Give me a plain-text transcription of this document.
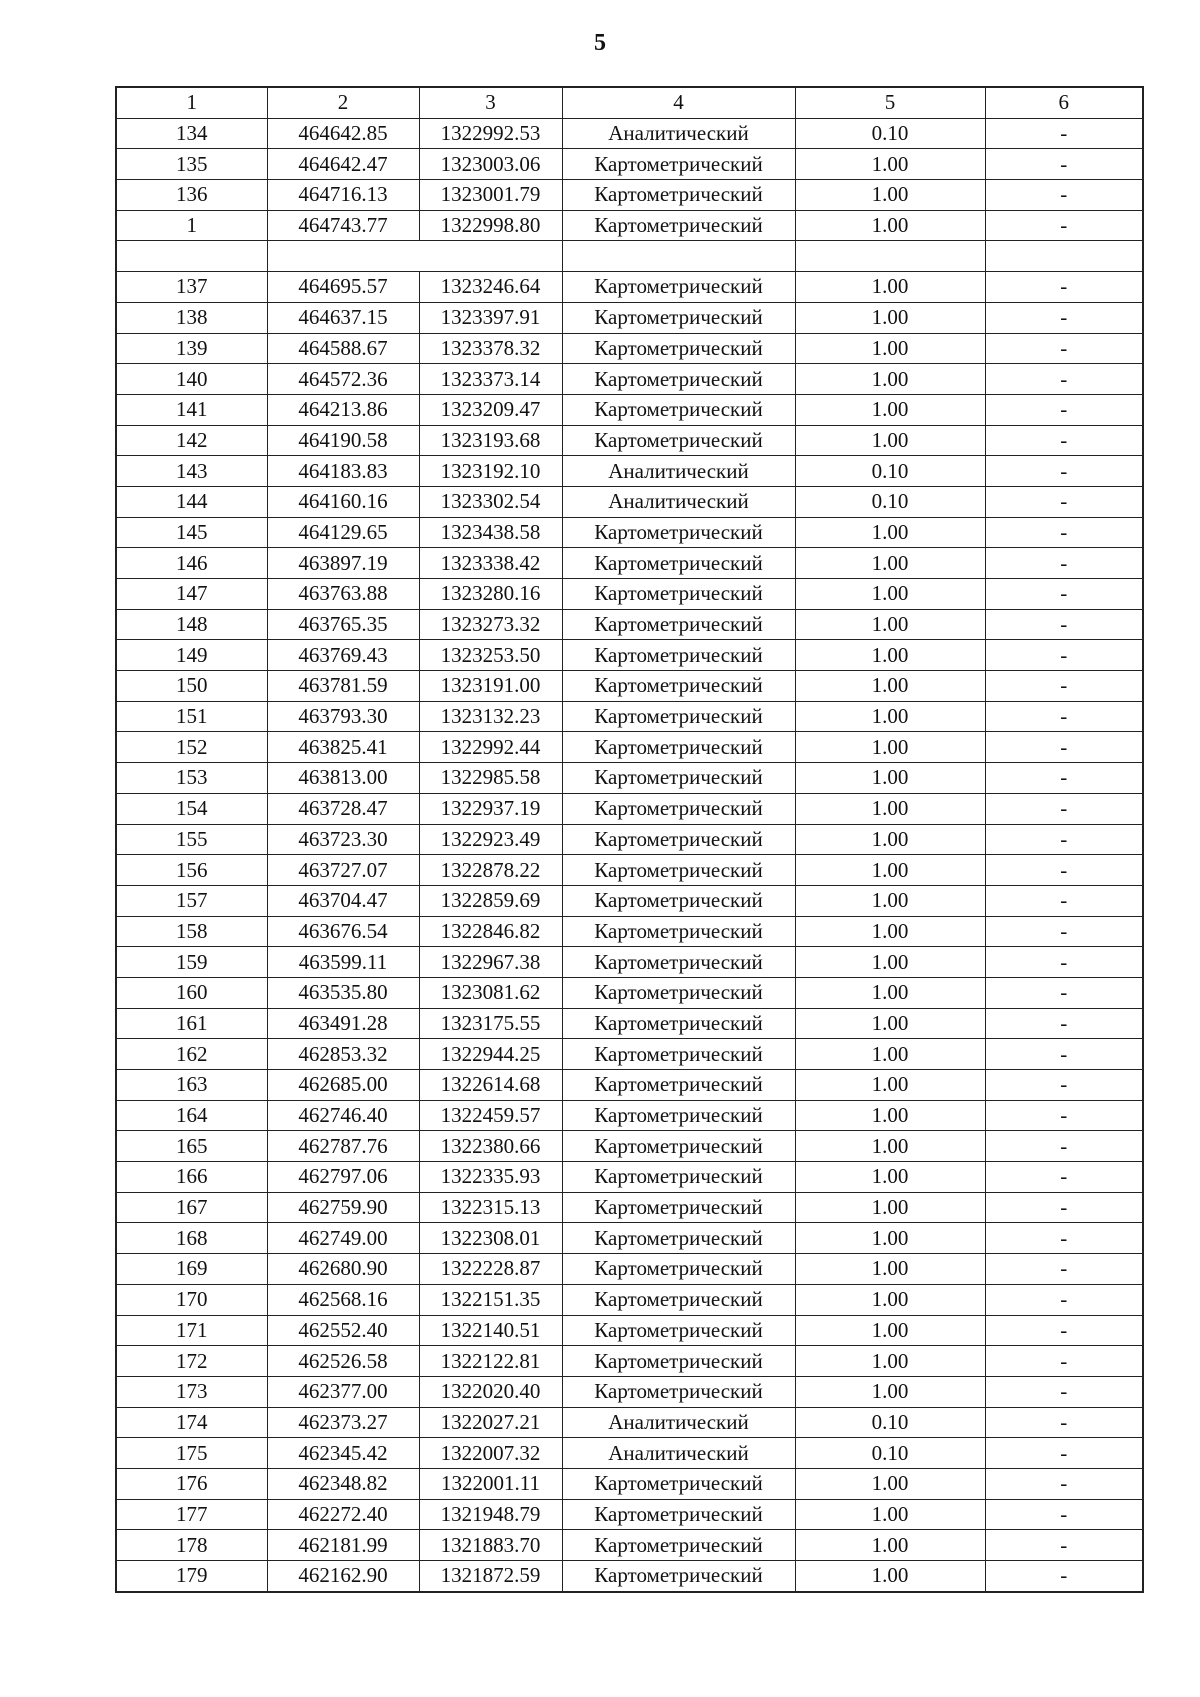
5
1	2	3	4	5	6
134	464642.85	1322992.53	Аналитический	0.10	-
135	464642.47	1323003.06	Картометрический	1.00	-
136	464716.13	1323001.79	Картометрический	1.00	-
1	464743.77	1322998.80	Картометрический	1.00	-

137	464695.57	1323246.64	Картометрический	1.00	-
138	464637.15	1323397.91	Картометрический	1.00	-
139	464588.67	1323378.32	Картометрический	1.00	-
140	464572.36	1323373.14	Картометрический	1.00	-
141	464213.86	1323209.47	Картометрический	1.00	-
142	464190.58	1323193.68	Картометрический	1.00	-
143	464183.83	1323192.10	Аналитический	0.10	-
144	464160.16	1323302.54	Аналитический	0.10	-
145	464129.65	1323438.58	Картометрический	1.00	-
146	463897.19	1323338.42	Картометрический	1.00	-
147	463763.88	1323280.16	Картометрический	1.00	-
148	463765.35	1323273.32	Картометрический	1.00	-
149	463769.43	1323253.50	Картометрический	1.00	-
150	463781.59	1323191.00	Картометрический	1.00	-
151	463793.30	1323132.23	Картометрический	1.00	-
152	463825.41	1322992.44	Картометрический	1.00	-
153	463813.00	1322985.58	Картометрический	1.00	-
154	463728.47	1322937.19	Картометрический	1.00	-
155	463723.30	1322923.49	Картометрический	1.00	-
156	463727.07	1322878.22	Картометрический	1.00	-
157	463704.47	1322859.69	Картометрический	1.00	-
158	463676.54	1322846.82	Картометрический	1.00	-
159	463599.11	1322967.38	Картометрический	1.00	-
160	463535.80	1323081.62	Картометрический	1.00	-
161	463491.28	1323175.55	Картометрический	1.00	-
162	462853.32	1322944.25	Картометрический	1.00	-
163	462685.00	1322614.68	Картометрический	1.00	-
164	462746.40	1322459.57	Картометрический	1.00	-
165	462787.76	1322380.66	Картометрический	1.00	-
166	462797.06	1322335.93	Картометрический	1.00	-
167	462759.90	1322315.13	Картометрический	1.00	-
168	462749.00	1322308.01	Картометрический	1.00	-
169	462680.90	1322228.87	Картометрический	1.00	-
170	462568.16	1322151.35	Картометрический	1.00	-
171	462552.40	1322140.51	Картометрический	1.00	-
172	462526.58	1322122.81	Картометрический	1.00	-
173	462377.00	1322020.40	Картометрический	1.00	-
174	462373.27	1322027.21	Аналитический	0.10	-
175	462345.42	1322007.32	Аналитический	0.10	-
176	462348.82	1322001.11	Картометрический	1.00	-
177	462272.40	1321948.79	Картометрический	1.00	-
178	462181.99	1321883.70	Картометрический	1.00	-
179	462162.90	1321872.59	Картометрический	1.00	-
